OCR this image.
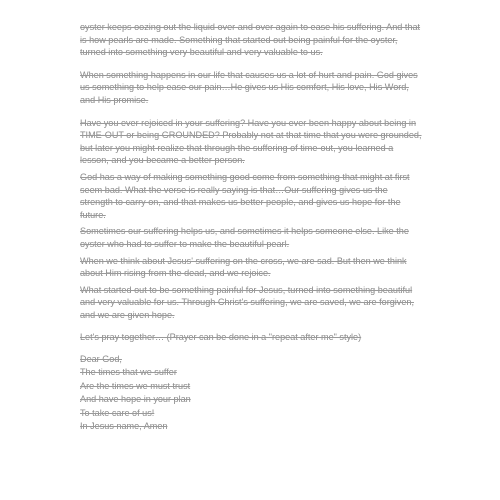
oyster keeps oozing out the liquid over and over again to ease his suffering. And that is how pearls are made. Something that started out being painful for the oyster, turned into something very beautiful and very valuable to us.

When something happens in our life that causes us a lot of hurt and pain. God gives us something to help ease our pain…He gives us His comfort, His love, His Word, and His promise.

Have you ever rejoiced in your suffering? Have you ever been happy about being in TIME-OUT or being GROUNDED? Probably not at that time that you were grounded, but later you might realize that through the suffering of time-out, you learned a lesson, and you became a better person.

God has a way of making something good come from something that might at first seem bad. What the verse is really saying is that…Our suffering gives us the strength to carry on, and that makes us better people, and gives us hope for the future.

Sometimes our suffering helps us, and sometimes it helps someone else. Like the oyster who had to suffer to make the beautiful pearl.

When we think about Jesus' suffering on the cross, we are sad. But then we think about Him rising from the dead, and we rejoice.

What started out to be something painful for Jesus, turned into something beautiful and very valuable for us. Through Christ's suffering, we are saved, we are forgiven, and we are given hope.

Let's pray together… (Prayer can be done in a "repeat after me" style)

Dear God,

The times that we suffer

Are the times we must trust

And have hope in your plan

To take care of us!

In Jesus name, Amen
